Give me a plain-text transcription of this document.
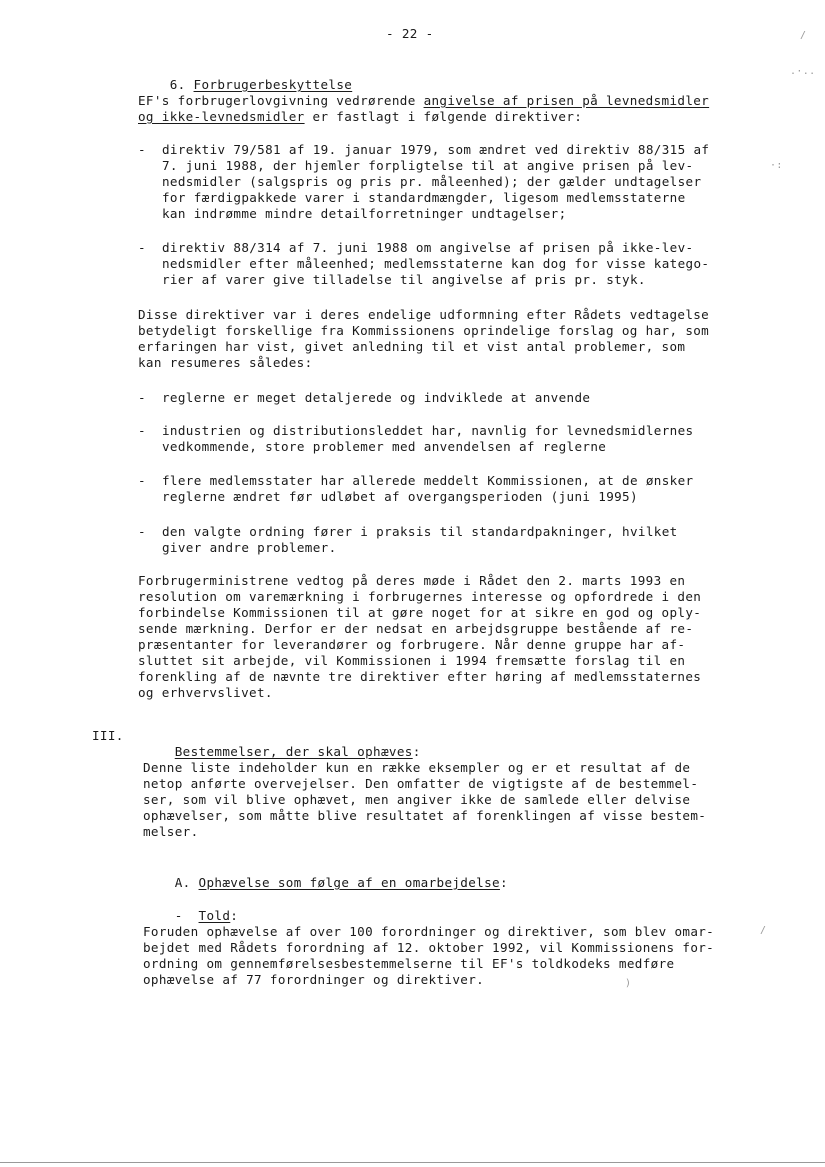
- 22 -

6. Forbrugerbeskyttelse

EF's forbrugerlovgivning vedrørende angivelse af prisen på levnedsmidler
og ikke-levnedsmidler er fastlagt i følgende direktiver:
- direktiv 79/581 af 19. januar 1979, som ændret ved direktiv 88/315 af
7. juni 1988, der hjemler forpligtelse til at angive prisen på lev-
nedsmidler (salgspris og pris pr. måleenhed); der gælder undtagelser
for færdigpakkede varer i standardmængder, ligesom medlemsstaterne
kan indrømme mindre detailforretninger undtagelser;
- direktiv 88/314 af 7. juni 1988 om angivelse af prisen på ikke-lev-
nedsmidler efter måleenhed; medlemsstaterne kan dog for visse katego-
rier af varer give tilladelse til angivelse af pris pr. styk.
Disse direktiver var i deres endelige udformning efter Rådets vedtagelse
betydeligt forskellige fra Kommissionens oprindelige forslag og har, som
erfaringen har vist, givet anledning til et vist antal problemer, som
kan resumeres således:
- reglerne er meget detaljerede og indviklede at anvende
- industrien og distributionsleddet har, navnlig for levnedsmidlernes
vedkommende, store problemer med anvendelsen af reglerne
- flere medlemsstater har allerede meddelt Kommissionen, at de ønsker
reglerne ændret før udløbet af overgangsperioden (juni 1995)
- den valgte ordning fører i praksis til standardpakninger, hvilket
giver andre problemer.
Forbrugerministrene vedtog på deres møde i Rådet den 2. marts 1993 en
resolution om varemærkning i forbrugernes interesse og opfordrede i den
forbindelse Kommissionen til at gøre noget for at sikre en god og oply-
sende mærkning. Derfor er der nedsat en arbejdsgruppe bestående af re-
præsentanter for leverandører og forbrugere. Når denne gruppe har af-
sluttet sit arbejde, vil Kommissionen i 1994 fremsætte forslag til en
forenkling af de nævnte tre direktiver efter høring af medlemsstaternes
og erhvervslivet.
III.

Bestemmelser, der skal ophæves:

Denne liste indeholder kun en række eksempler og er et resultat af de
netop anførte overvejelser. Den omfatter de vigtigste af de bestemmel-
ser, som vil blive ophævet, men angiver ikke de samlede eller delvise
ophævelser, som måtte blive resultatet af forenklingen af visse bestem-
melser.

A. Ophævelse som følge af en omarbejdelse:

- Told:

Foruden ophævelse af over 100 forordninger og direktiver, som blev omar-
bejdet med Rådets forordning af 12. oktober 1992, vil Kommissionens for-
ordning om gennemførelsesbestemmelserne til EF's toldkodeks medføre
ophævelse af 77 forordninger og direktiver.
.·..
/
·:
/
)
